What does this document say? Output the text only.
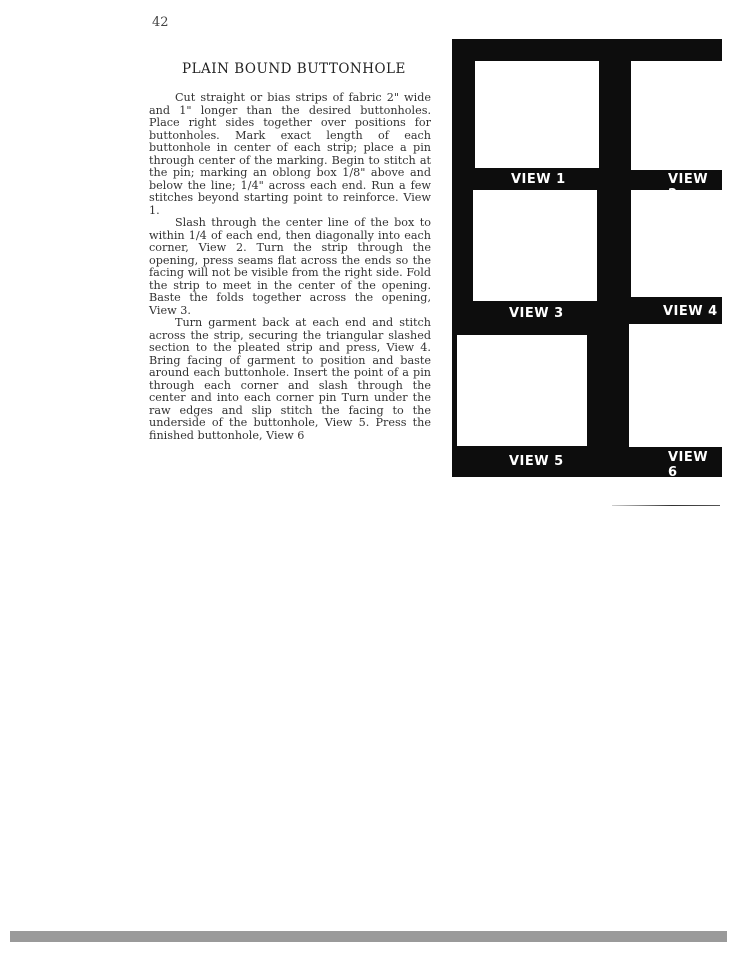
42
PLAIN BOUND BUTTONHOLE

Cut straight or bias strips of fabric 2" wide and 1" longer than the desired buttonholes. Place right sides together over positions for buttonholes. Mark exact length of each buttonhole in center of each strip; place a pin through center of the marking. Begin to stitch at the pin; marking an oblong box 1/8" above and below the line; 1/4" across each end. Run a few stitches beyond starting point to reinforce. View 1.

Slash through the center line of the box to within 1/4 of each end, then diagonally into each corner, View 2. Turn the strip through the opening, press seams flat across the ends so the facing will not be visible from the right side. Fold the strip to meet in the center of the opening. Baste the folds together across the opening, View 3.

Turn garment back at each end and stitch across the strip, securing the triangular slashed section to the pleated strip and press, View 4. Bring facing of garment to position and baste around each buttonhole. Insert the point of a pin through each corner and slash through the center and into each corner pin Turn under the raw edges and slip stitch the facing to the underside of the buttonhole, View 5. Press the finished buttonhole, View 6

VIEW 1	VIEW
VIEW 3	VIEW 4
VIEW 5	VIEW 6
